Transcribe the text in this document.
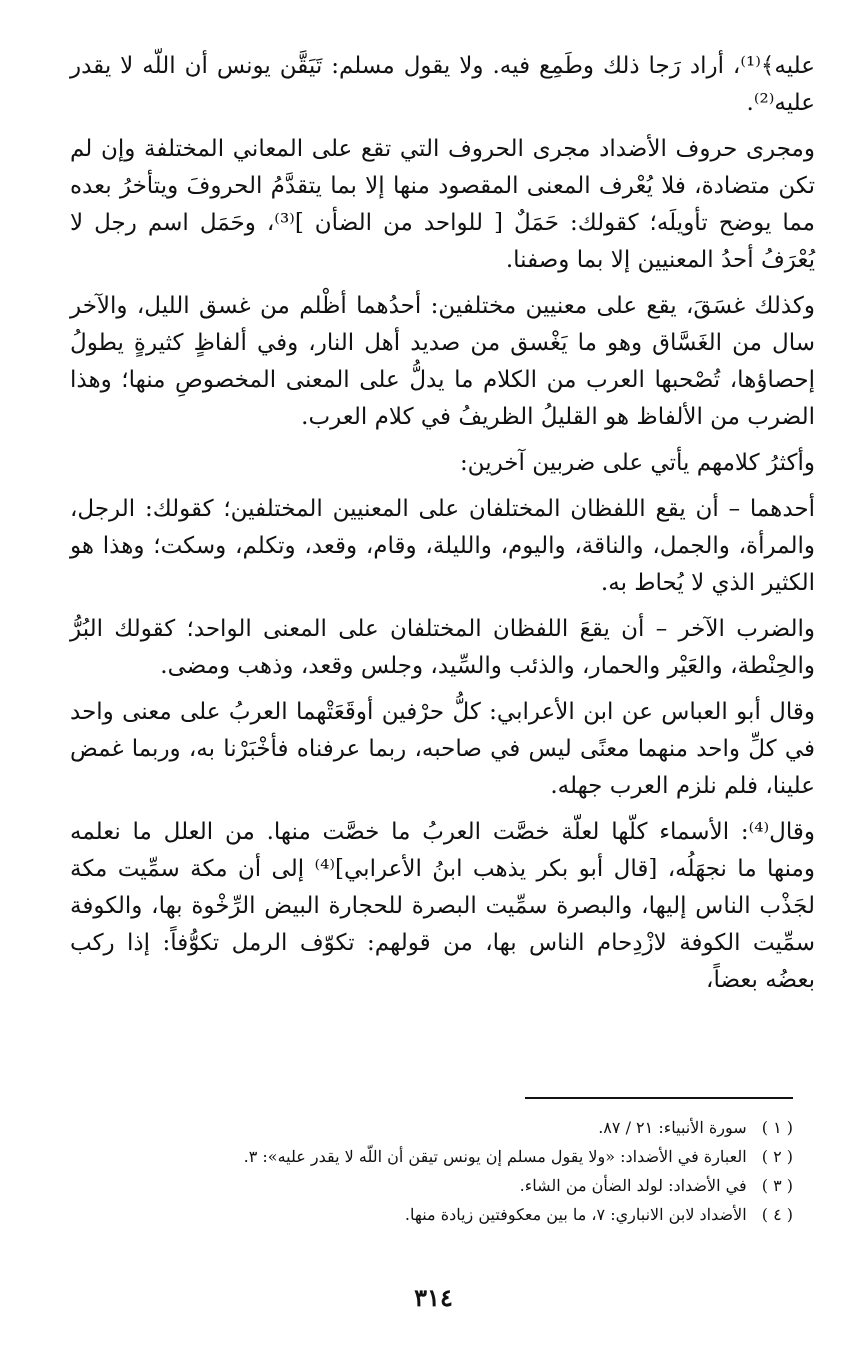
عليه﴾⁽¹⁾، أراد رَجا ذلك وطَمِع فيه. ولا يقول مسلم: تَيَقَّن يونس أن اللّه لا يقدر عليه⁽²⁾.

ومجرى حروف الأضداد مجرى الحروف التي تقع على المعاني المختلفة وإن لم تكن متضادة، فلا يُعْرف المعنى المقصود منها إلا بما يتقدَّمُ الحروفَ ويتأخرُ بعده مما يوضح تأويلَه؛ كقولك: حَمَلٌ [ للواحد من الضأن ]⁽³⁾، وحَمَل اسم رجل لا يُعْرَفُ أحدُ المعنيين إلا بما وصفنا.

وكذلك غسَقَ، يقع على معنيين مختلفين: أحدُهما أظْلم من غسق الليل، والآخر سال من الغَسَّاق وهو ما يَغْسق من صديد أهل النار، وفي ألفاظٍ كثيرةٍ يطولُ إحصاؤها، تُصْحبها العرب من الكلام ما يدلُّ على المعنى المخصوصِ منها؛ وهذا الضرب من الألفاظ هو القليلُ الظريفُ في كلام العرب.

وأكثرُ كلامهم يأتي على ضربين آخرين:

أحدهما – أن يقع اللفظان المختلفان على المعنيين المختلفين؛ كقولك: الرجل، والمرأة، والجمل، والناقة، واليوم، والليلة، وقام، وقعد، وتكلم، وسكت؛ وهذا هو الكثير الذي لا يُحاط به.

والضرب الآخر – أن يقعَ اللفظان المختلفان على المعنى الواحد؛ كقولك البُرُّ والحِنْطة، والعَيْر والحمار، والذئب والسِّيد، وجلس وقعد، وذهب ومضى.

وقال أبو العباس عن ابن الأعرابي: كلُّ حرْفين أوقَعَتْهما العربُ على معنى واحد في كلِّ واحد منهما معنًى ليس في صاحبه، ربما عرفناه فأخْبَرْنا به، وربما غمض علينا، فلم نلزم العرب جهله.

وقال⁽⁴⁾: الأسماء كلّها لعلّة خصَّت العربُ ما خصَّت منها. من العلل ما نعلمه ومنها ما نجهَلُه، [قال أبو بكر يذهب ابنُ الأعرابي]⁽⁴⁾ إلى أن مكة سمِّيت مكة لجَذْب الناس إليها، والبصرة سمِّيت البصرة للحجارة البيض الرِّخْوة بها، والكوفة سمِّيت الكوفة لازْدِحام الناس بها، من قولهم: تكوّف الرمل تكوُّفاً: إذا ركب بعضُه بعضاً،

( ١ ) سورة الأنبياء: ٢١ / ٨٧.
( ٢ ) العبارة في الأضداد: «ولا يقول مسلم إن يونس تيقن أن اللّه لا يقدر عليه»: ٣.
( ٣ ) في الأضداد: لولد الضأن من الشاء.
( ٤ ) الأضداد لابن الانباري: ٧، ما بين معكوفتين زيادة منها.
٣١٤
